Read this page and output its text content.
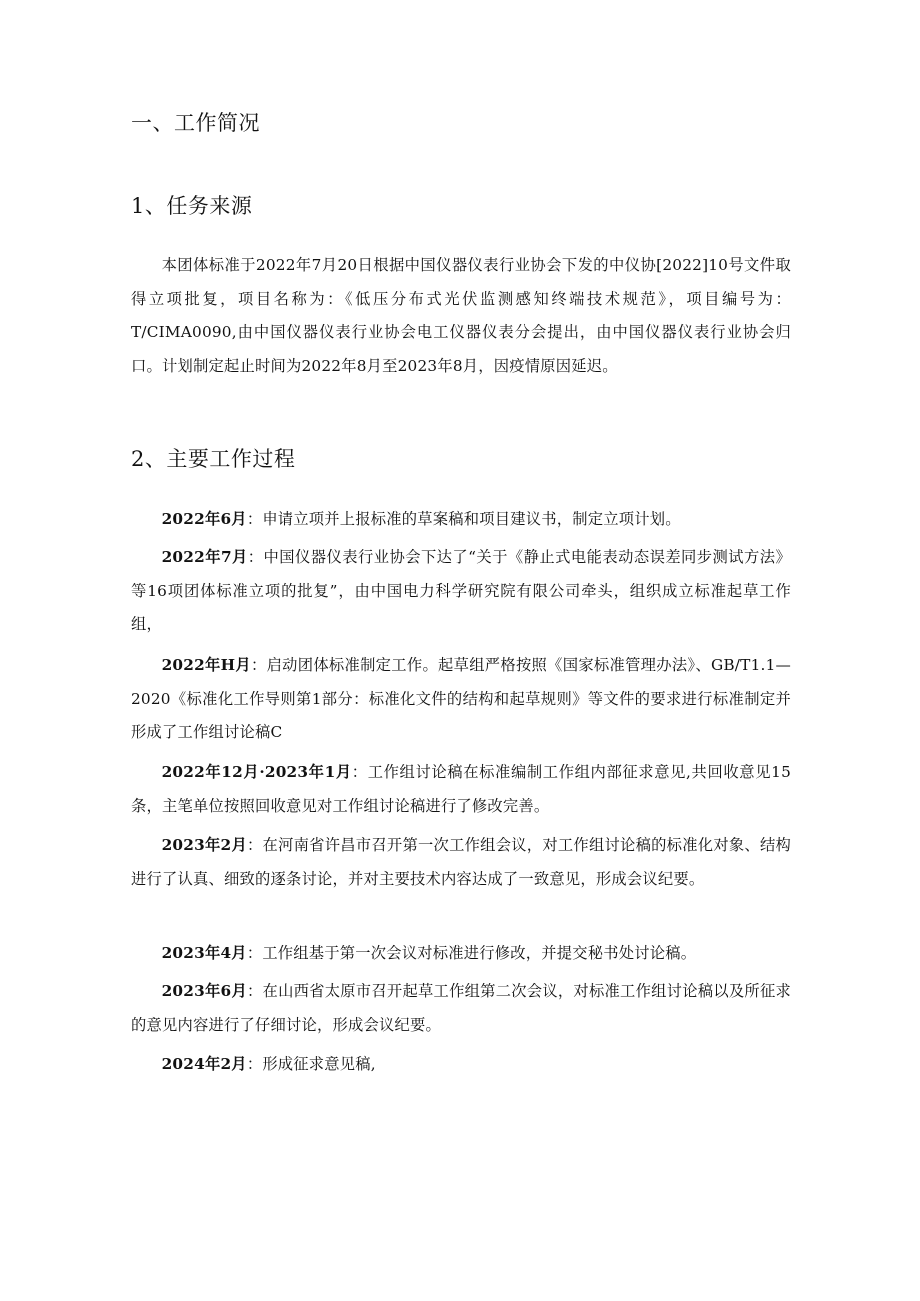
一、工作简况
1、任务来源

本团体标准于2022年7月20日根据中国仪器仪表行业协会下发的中仪协[2022]10号文件取得立项批复，项目名称为：《低压分布式光伏监测感知终端技术规范》，项目编号为：T/CIMA0090,由中国仪器仪表行业协会电工仪器仪表分会提出，由中国仪器仪表行业协会归口。计划制定起止时间为2022年8月至2023年8月，因疫情原因延迟。

2、主要工作过程

2022年6月：申请立项并上报标准的草案稿和项目建议书，制定立项计划。

2022年7月：中国仪器仪表行业协会下达了“关于《静止式电能表动态误差同步测试方法》等16项团体标准立项的批复”，由中国电力科学研究院有限公司牵头，组织成立标准起草工作组，

2022年H月：启动团体标准制定工作。起草组严格按照《国家标准管理办法》、GB/T1.1—2020《标准化工作导则第1部分：标准化文件的结构和起草规则》等文件的要求进行标准制定并形成了工作组讨论稿C

2022年12月·2023年1月：工作组讨论稿在标准编制工作组内部征求意见,共回收意见15条，主笔单位按照回收意见对工作组讨论稿进行了修改完善。

2023年2月：在河南省许昌市召开第一次工作组会议，对工作组讨论稿的标准化对象、结构进行了认真、细致的逐条讨论，并对主要技术内容达成了一致意见，形成会议纪要。

2023年4月：工作组基于第一次会议对标准进行修改，并提交秘书处讨论稿。

2023年6月：在山西省太原市召开起草工作组第二次会议，对标准工作组讨论稿以及所征求的意见内容进行了仔细讨论，形成会议纪要。

2024年2月：形成征求意见稿,
